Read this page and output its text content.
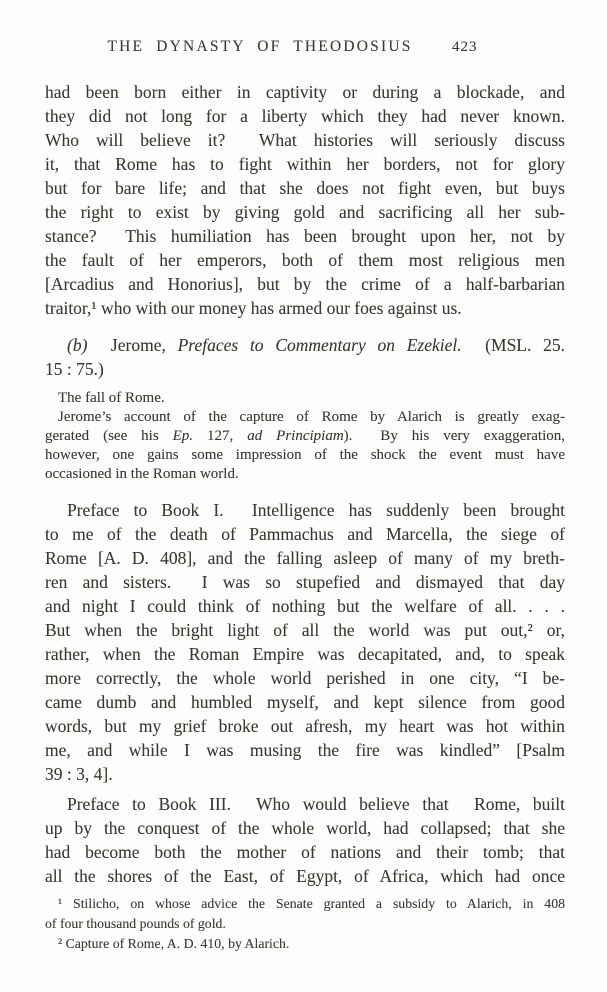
THE DYNASTY OF THEODOSIUS	423
had been born either in captivity or during a blockade, and
they did not long for a liberty which they had never known.
Who will believe it?  What histories will seriously discuss
it, that Rome has to fight within her borders, not for glory
but for bare life; and that she does not fight even, but buys
the right to exist by giving gold and sacrificing all her sub-
stance?  This humiliation has been brought upon her, not by
the fault of her emperors, both of them most religious men
[Arcadius and Honorius], but by the crime of a half-barbarian
traitor,¹ who with our money has armed our foes against us.
(b)  Jerome, Prefaces to Commentary on Ezekiel.  (MSL. 25.
15 : 75.)
The fall of Rome.
Jerome’s account of the capture of Rome by Alarich is greatly exag-
gerated (see his Ep. 127, ad Principiam).  By his very exaggeration,
however, one gains some impression of the shock the event must have
occasioned in the Roman world.
Preface to Book I.  Intelligence has suddenly been brought
to me of the death of Pammachus and Marcella, the siege of
Rome [A. D. 408], and the falling asleep of many of my breth-
ren and sisters.  I was so stupefied and dismayed that day
and night I could think of nothing but the welfare of all. . . .
But when the bright light of all the world was put out,² or,
rather, when the Roman Empire was decapitated, and, to speak
more correctly, the whole world perished in one city, “I be-
came dumb and humbled myself, and kept silence from good
words, but my grief broke out afresh, my heart was hot within
me, and while I was musing the fire was kindled” [Psalm
39 : 3, 4].
Preface to Book III.  Who would believe that  Rome, built
up by the conquest of the whole world, had collapsed; that she
had become both the mother of nations and their tomb; that
all the shores of the East, of Egypt, of Africa, which had once
¹ Stilicho, on whose advice the Senate granted a subsidy to Alarich, in 408
of four thousand pounds of gold.
² Capture of Rome, A. D. 410, by Alarich.
